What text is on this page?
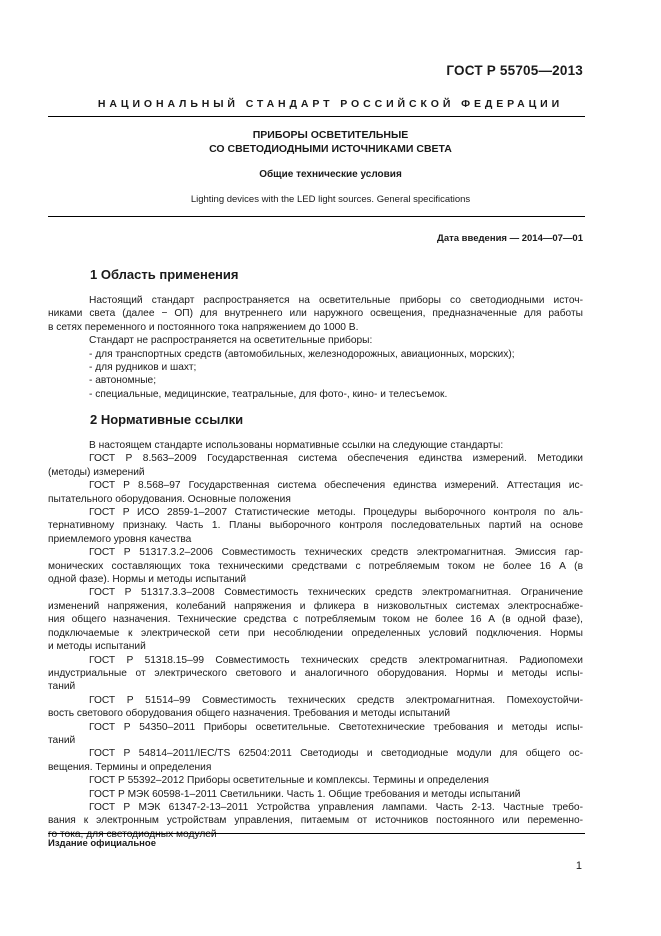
ГОСТ Р 55705—2013
НАЦИОНАЛЬНЫЙ СТАНДАРТ РОССИЙСКОЙ ФЕДЕРАЦИИ
ПРИБОРЫ ОСВЕТИТЕЛЬНЫЕ
СО СВЕТОДИОДНЫМИ ИСТОЧНИКАМИ СВЕТА
Общие технические условия
Lighting devices with the LED light sources. General specifications
Дата введения — 2014—07—01
1 Область применения
Настоящий стандарт распространяется на осветительные приборы со светодиодными источ-
никами света (далее − ОП) для внутреннего или наружного освещения, предназначенные для работы
в сетях переменного и постоянного тока напряжением до 1000 В.
Стандарт не распространяется на осветительные приборы:
- для транспортных средств (автомобильных, железнодорожных, авиационных, морских);
- для рудников и шахт;
- автономные;
- специальные, медицинские, театральные, для фото-, кино- и телесъемок.
2 Нормативные ссылки
В настоящем стандарте использованы нормативные ссылки на следующие стандарты:
ГОСТ Р 8.563–2009 Государственная система обеспечения единства измерений. Методики
(методы) измерений
ГОСТ Р 8.568–97 Государственная система обеспечения единства измерений. Аттестация ис-
пытательного оборудования. Основные положения
ГОСТ Р ИСО 2859-1–2007 Статистические методы. Процедуры выборочного контроля по аль-
тернативному признаку. Часть 1. Планы выборочного контроля последовательных партий на основе
приемлемого уровня качества
ГОСТ Р 51317.3.2–2006 Совместимость технических средств электромагнитная. Эмиссия гар-
монических составляющих тока техническими средствами с потребляемым током не более 16 А (в
одной фазе). Нормы и методы испытаний
ГОСТ Р 51317.3.3–2008 Совместимость технических средств электромагнитная. Ограничение
изменений напряжения, колебаний напряжения и фликера в низковольтных системах электроснабже-
ния общего назначения. Технические средства с потребляемым током не более 16 А (в одной фазе),
подключаемые к электрической сети при несоблюдении определенных условий подключения. Нормы
и методы испытаний
ГОСТ Р 51318.15–99 Совместимость технических средств электромагнитная. Радиопомехи
индустриальные от электрического светового и аналогичного оборудования. Нормы и методы испы-
таний
ГОСТ Р 51514–99 Совместимость технических средств электромагнитная. Помехоустойчи-
вость светового оборудования общего назначения. Требования и методы испытаний
ГОСТ Р 54350–2011 Приборы осветительные. Светотехнические требования и методы испы-
таний
ГОСТ Р 54814–2011/IEC/TS 62504:2011 Светодиоды и светодиодные модули для общего ос-
вещения. Термины и определения
ГОСТ Р 55392–2012 Приборы осветительные и комплексы. Термины и определения
ГОСТ Р МЭК 60598-1–2011 Светильники. Часть 1. Общие требования и методы испытаний
ГОСТ Р МЭК 61347-2-13–2011 Устройства управления лампами. Часть 2-13. Частные требо-
вания к электронным устройствам управления, питаемым от источников постоянного или переменно-
го тока, для светодиодных модулей
Издание официальное
1
